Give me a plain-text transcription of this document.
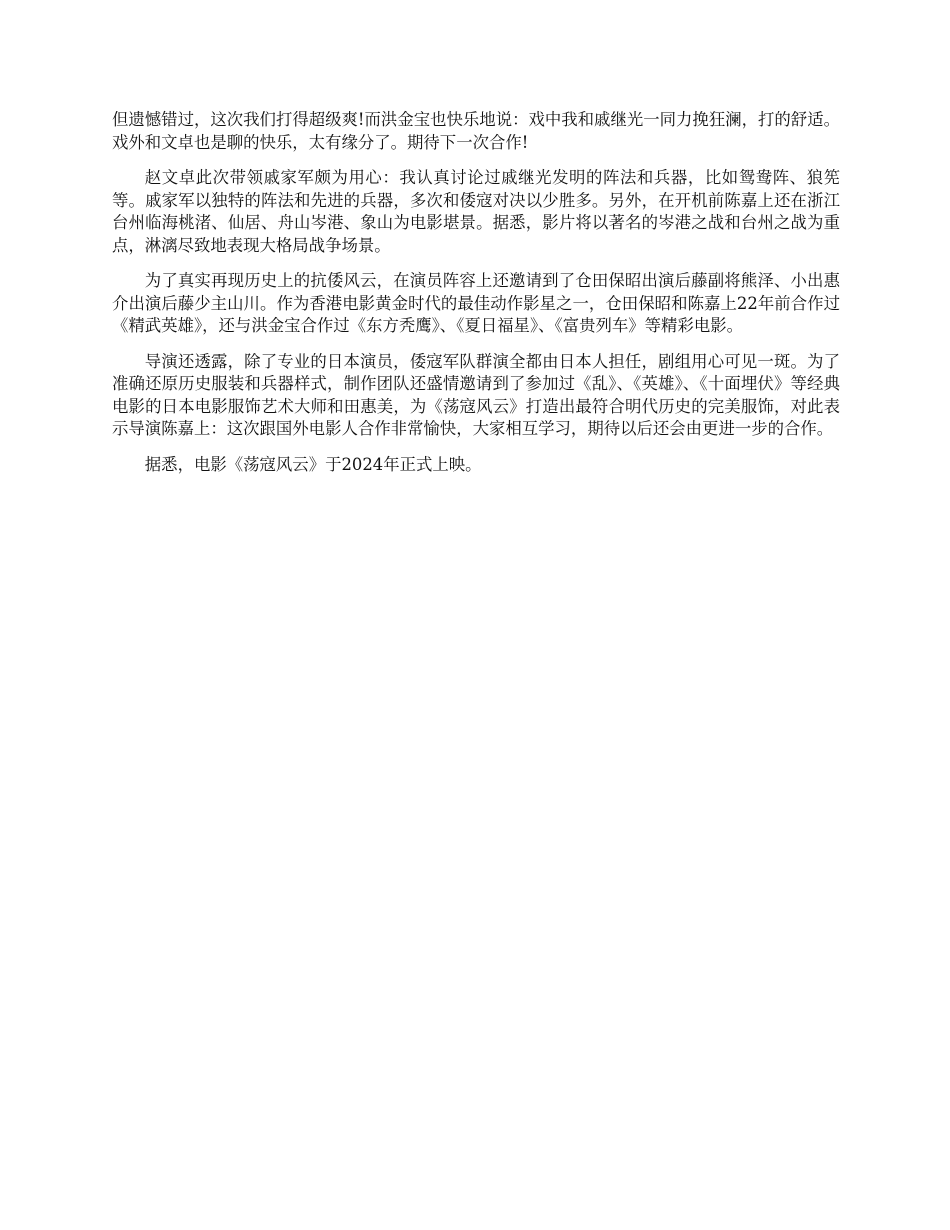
但遗憾错过，这次我们打得超级爽!而洪金宝也快乐地说：戏中我和戚继光一同力挽狂澜，打的舒适。戏外和文卓也是聊的快乐，太有缘分了。期待下一次合作!

赵文卓此次带领戚家军颇为用心：我认真讨论过戚继光发明的阵法和兵器，比如鸳鸯阵、狼筅等。戚家军以独特的阵法和先进的兵器，多次和倭寇对决以少胜多。另外，在开机前陈嘉上还在浙江台州临海桃渚、仙居、舟山岑港、象山为电影堪景。据悉，影片将以著名的岑港之战和台州之战为重点，淋漓尽致地表现大格局战争场景。

为了真实再现历史上的抗倭风云，在演员阵容上还邀请到了仓田保昭出演后藤副将熊泽、小出惠介出演后藤少主山川。作为香港电影黄金时代的最佳动作影星之一，仓田保昭和陈嘉上22年前合作过《精武英雄》，还与洪金宝合作过《东方秃鹰》、《夏日福星》、《富贵列车》等精彩电影。

导演还透露，除了专业的日本演员，倭寇军队群演全都由日本人担任，剧组用心可见一斑。为了准确还原历史服装和兵器样式，制作团队还盛情邀请到了参加过《乱》、《英雄》、《十面埋伏》等经典电影的日本电影服饰艺术大师和田惠美，为《荡寇风云》打造出最符合明代历史的完美服饰，对此表示导演陈嘉上：这次跟国外电影人合作非常愉快，大家相互学习，期待以后还会由更进一步的合作。

据悉，电影《荡寇风云》于2024年正式上映。
